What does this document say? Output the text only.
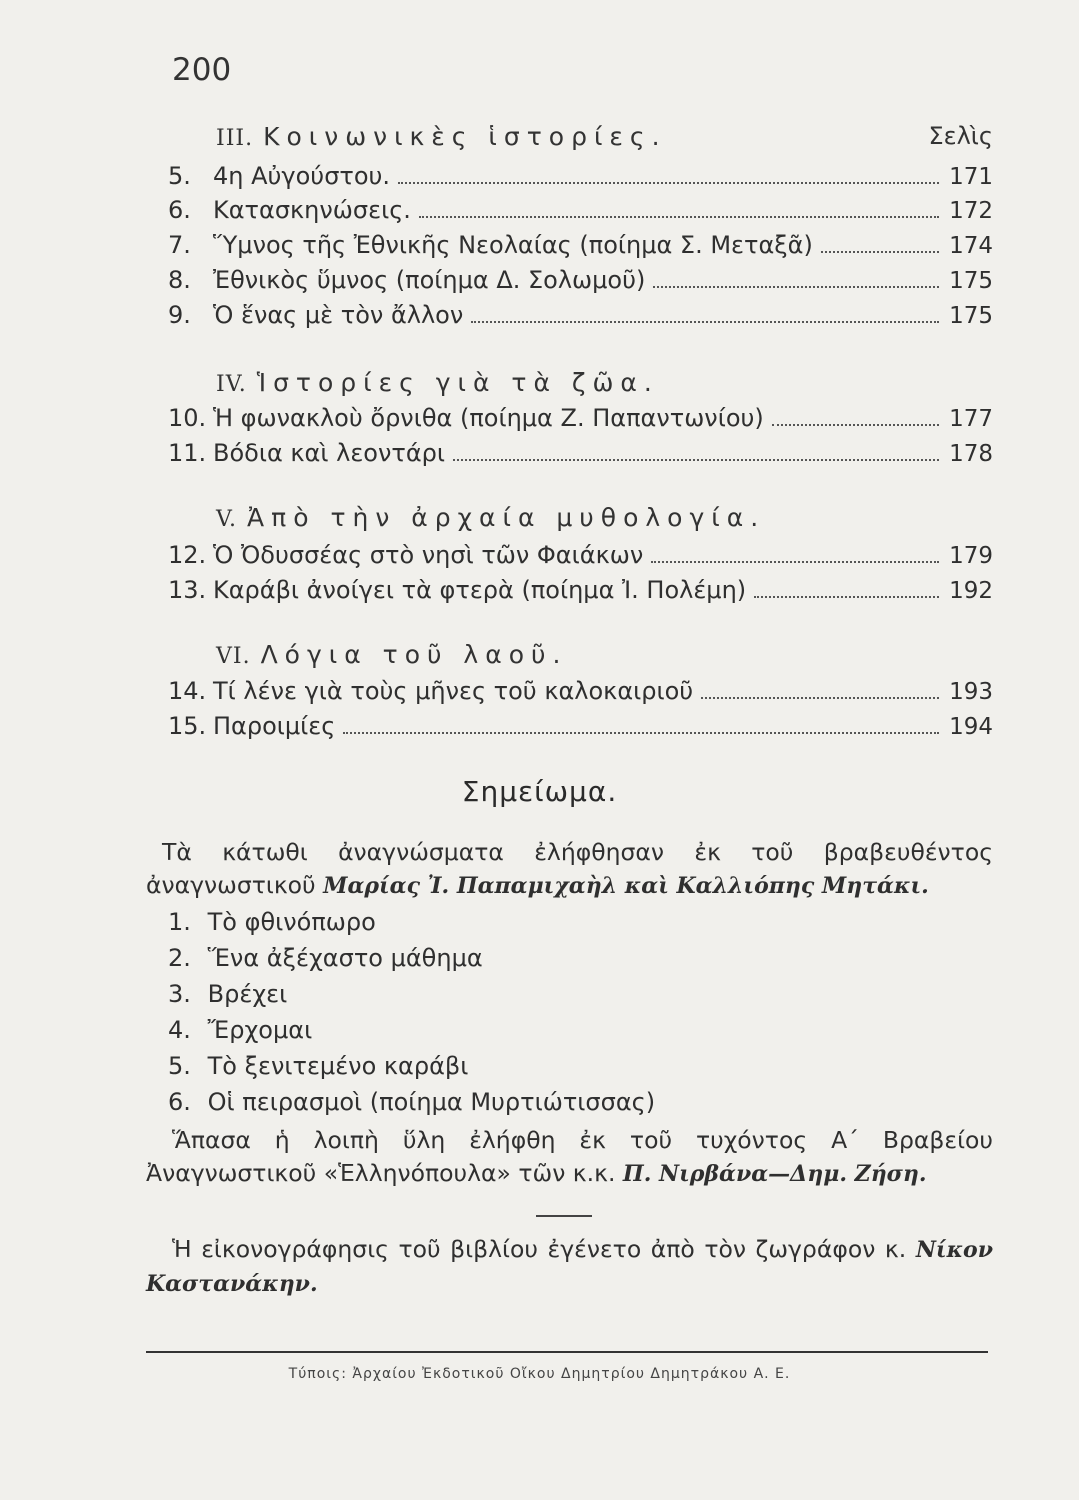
200
Σελὶς
III. Κοινωνικὲς ἱστορίες.
5. 4η Αὐγούστου.	171
6. Κατασκηνώσεις.	172
7. Ὕμνος τῆς Ἐθνικῆς Νεολαίας (ποίημα Σ. Μεταξᾶ)	174
8. Ἐθνικὸς ὕμνος (ποίημα Δ. Σολωμοῦ)	175
9. Ὁ ἕνας μὲ τὸν ἄλλον	175
IV. Ἱστορίες γιὰ τὰ ζῶα.
10. Ἡ φωνακλοὺ ὄρνιθα (ποίημα Ζ. Παπαντωνίου)	177
11. Βόδια καὶ λεοντάρι	178
V. Ἀπὸ τὴν ἀρχαία μυθολογία.
12. Ὁ Ὀδυσσέας στὸ νησὶ τῶν Φαιάκων	179
13. Καράβι ἀνοίγει τὰ φτερὰ (ποίημα Ἰ. Πολέμη)	192
VI. Λόγια τοῦ λαοῦ.
14. Τί λένε γιὰ τοὺς μῆνες τοῦ καλοκαιριοῦ	193
15. Παροιμίες	194
Σημείωμα.
Τὰ κάτωθι ἀναγνώσματα ἐλήφθησαν ἐκ τοῦ βραβευθέντος ἀναγνωστικοῦ Μαρίας Ἰ. Παπαμιχαὴλ καὶ Καλλιόπης Μητάκι.
1. Τὸ φθινόπωρο
2. Ἕνα ἀξέχαστο μάθημα
3. Βρέχει
4. Ἔρχομαι
5. Τὸ ξενιτεμένο καράβι
6. Οἱ πειρασμοὶ (ποίημα Μυρτιώτισσας)
Ἅπασα ἡ λοιπὴ ὕλη ἐλήφθη ἐκ τοῦ τυχόντος Α΄ Βραβείου Ἀναγνωστικοῦ «Ἑλληνόπουλα» τῶν κ.κ. Π. Νιρβάνα—Δημ. Ζήση.
Ἡ εἰκονογράφησις τοῦ βιβλίου ἐγένετο ἀπὸ τὸν ζωγράφον κ. Νίκον Καστανάκην.
Τύποις: Ἀρχαίου Ἐκδοτικοῦ Οἴκου Δημητρίου Δημητράκου Α. Ε.
